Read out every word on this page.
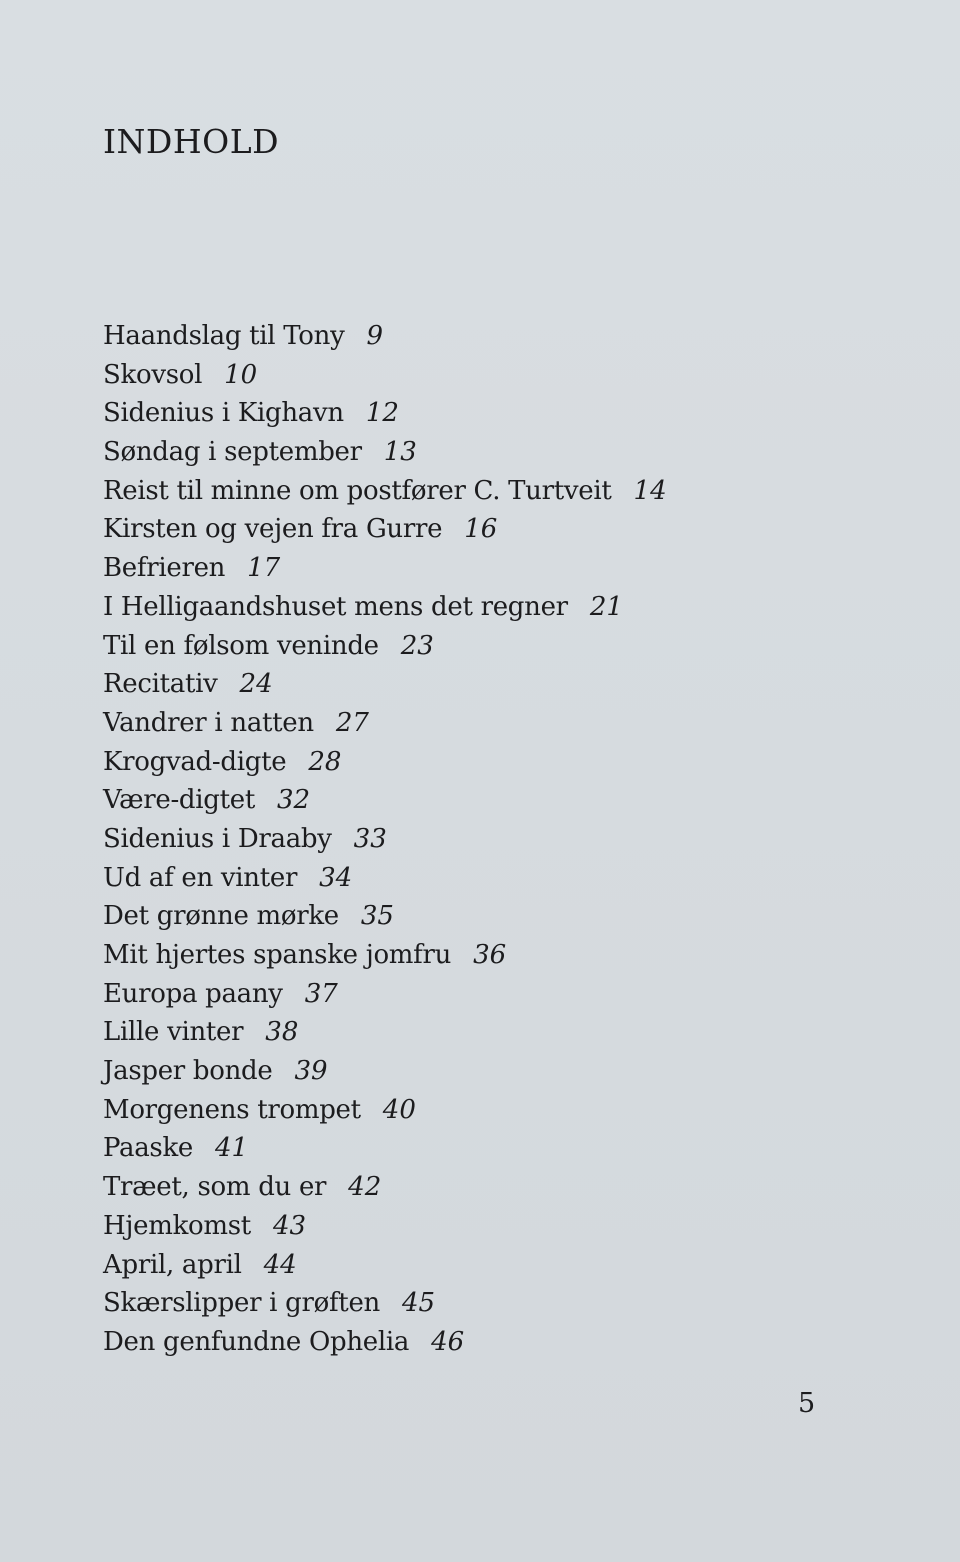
INDHOLD
Haandslag til Tony 9
Skovsol 10
Sidenius i Kighavn 12
Søndag i september 13
Reist til minne om postfører C. Turtveit 14
Kirsten og vejen fra Gurre 16
Befrieren 17
I Helligaandshuset mens det regner 21
Til en følsom veninde 23
Recitativ 24
Vandrer i natten 27
Krogvad-digte 28
Være-digtet 32
Sidenius i Draaby 33
Ud af en vinter 34
Det grønne mørke 35
Mit hjertes spanske jomfru 36
Europa paany 37
Lille vinter 38
Jasper bonde 39
Morgenens trompet 40
Paaske 41
Træet, som du er 42
Hjemkomst 43
April, april 44
Skærslipper i grøften 45
Den genfundne Ophelia 46

5
